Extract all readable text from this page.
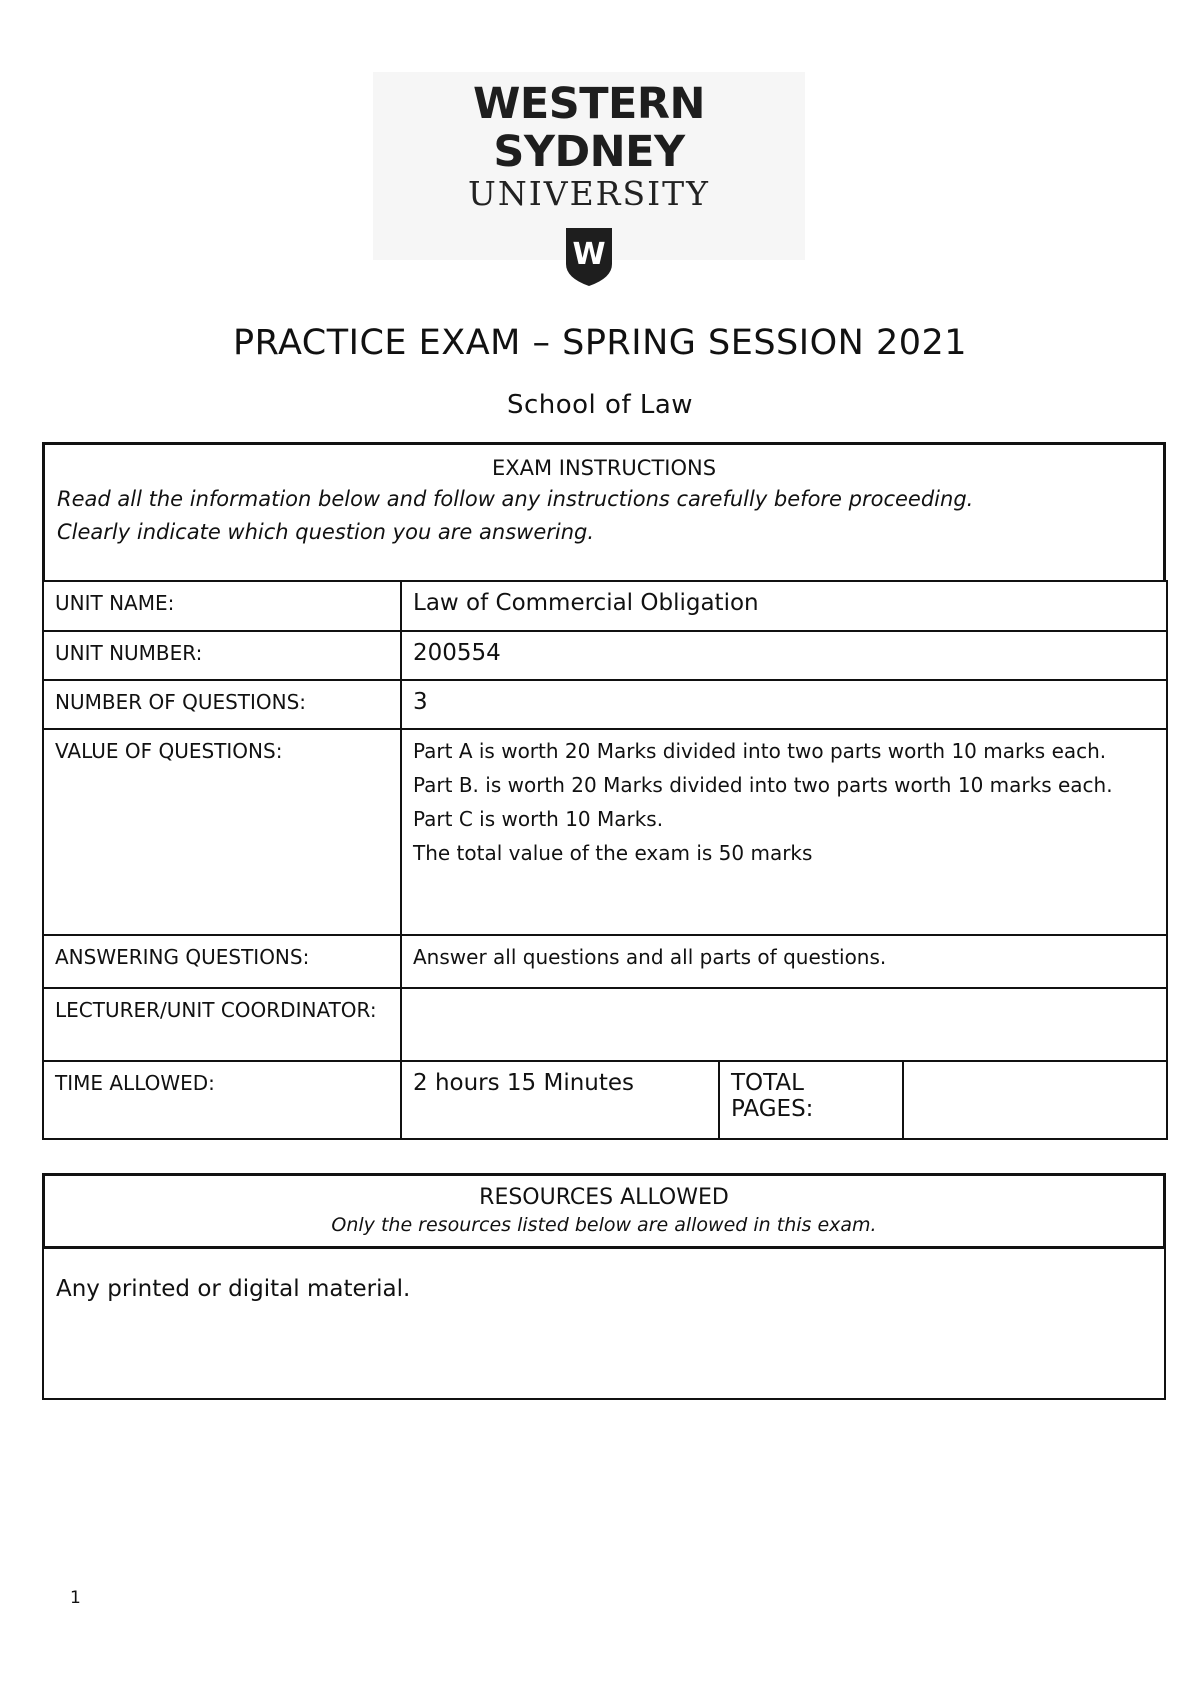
WESTERN SYDNEY
UNIVERSITY
W
PRACTICE EXAM – SPRING SESSION 2021
School of Law
EXAM INSTRUCTIONS
Read all the information below and follow any instructions carefully before proceeding.
Clearly indicate which question you are answering.
UNIT NAME:	Law of Commercial Obligation		
UNIT NUMBER:	200554		
NUMBER OF QUESTIONS:	3		
VALUE OF QUESTIONS:	Part A is worth 20 Marks divided into two parts worth 10 marks each.

Part B. is worth 20 Marks divided into two parts worth 10 marks each.

Part C is worth 10 Marks.

The total value of the exam is 50 marks		

ANSWERING QUESTIONS:	Answer all questions and all parts of questions.		
LECTURER/UNIT COORDINATOR:			
TIME ALLOWED:	2 hours 15 Minutes	TOTAL PAGES:	
RESOURCES ALLOWED
Only the resources listed below are allowed in this exam.
Any printed or digital material.
1
